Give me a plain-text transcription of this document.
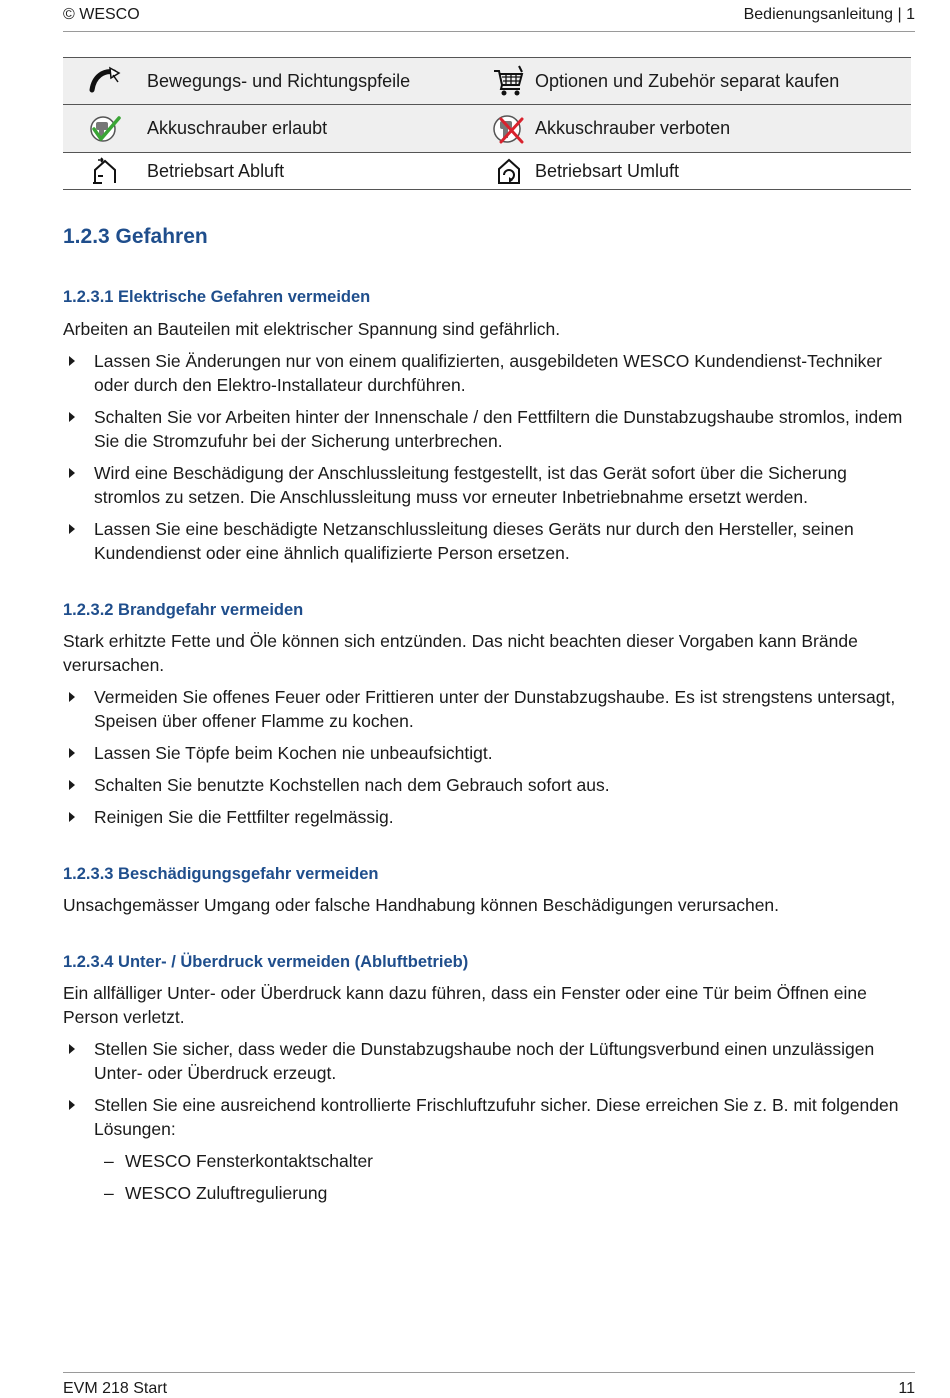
© WESCO	Bedienungsanleitung | 1
	Bewegungs- und Richtungspfeile		Optionen und Zubehör separat kaufen

	Akkuschrauber erlaubt		Akkuschrauber verboten

	Betriebsart Abluft		Betriebsart Umluft
1.2.3 Gefahren
1.2.3.1 Elektrische Gefahren vermeiden

Arbeiten an Bauteilen mit elektrischer Spannung sind gefährlich.

Lassen Sie Änderungen nur von einem qualifizierten, ausgebildeten WESCO Kundendienst-Techniker oder durch den Elektro-Installateur durchführen.
Schalten Sie vor Arbeiten hinter der Innenschale / den Fettfiltern die Dunstabzugshaube stromlos, indem Sie die Stromzufuhr bei der Sicherung unterbrechen.
Wird eine Beschädigung der Anschlussleitung festgestellt, ist das Gerät sofort über die Sicherung stromlos zu setzen. Die Anschlussleitung muss vor erneuter Inbetriebnahme ersetzt werden.
Lassen Sie eine beschädigte Netzanschlussleitung dieses Geräts nur durch den Hersteller, seinen Kundendienst oder eine ähnlich qualifizierte Person ersetzen.
1.2.3.2 Brandgefahr vermeiden

Stark erhitzte Fette und Öle können sich entzünden. Das nicht beachten dieser Vorgaben kann Brände verursachen.

Vermeiden Sie offenes Feuer oder Frittieren unter der Dunstabzugshaube. Es ist strengstens untersagt, Speisen über offener Flamme zu kochen.
Lassen Sie Töpfe beim Kochen nie unbeaufsichtigt.
Schalten Sie benutzte Kochstellen nach dem Gebrauch sofort aus.
Reinigen Sie die Fettfilter regelmässig.
1.2.3.3 Beschädigungsgefahr vermeiden

Unsachgemässer Umgang oder falsche Handhabung können Beschädigungen verursachen.

1.2.3.4 Unter- / Überdruck vermeiden (Abluftbetrieb)

Ein allfälliger Unter- oder Überdruck kann dazu führen, dass ein Fenster oder eine Tür beim Öffnen eine Person verletzt.

Stellen Sie sicher, dass weder die Dunstabzugshaube noch der Lüftungsverbund einen unzulässigen Unter- oder Überdruck erzeugt.
Stellen Sie eine ausreichend kontrollierte Frischluftzufuhr sicher. Diese erreichen Sie z. B. mit folgenden Lösungen:
– WESCO Fensterkontaktschalter
– WESCO Zuluftregulierung
EVM 218 Start	11
